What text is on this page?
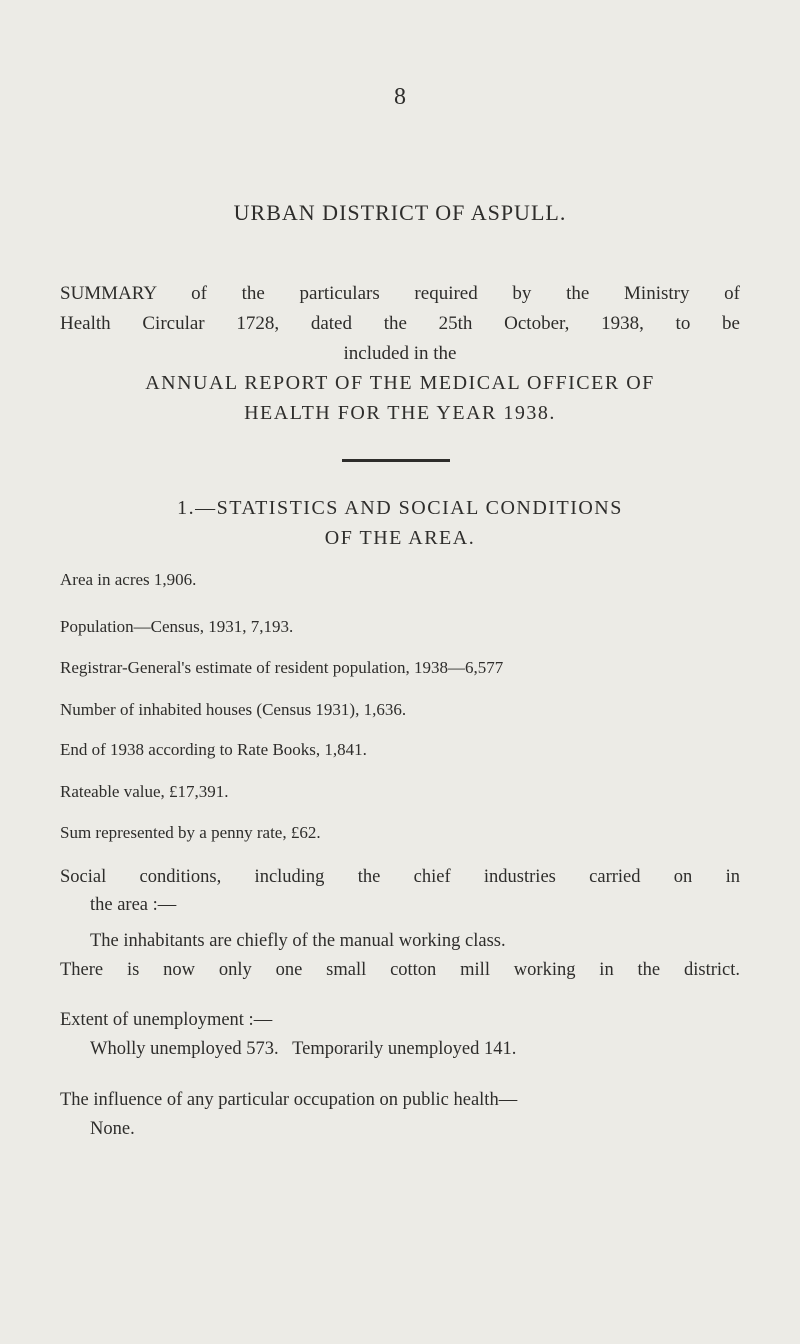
8
URBAN DISTRICT OF ASPULL.
SUMMARY of the particulars required by the Ministry of
Health Circular 1728, dated the 25th October, 1938, to be
included in the
ANNUAL REPORT OF THE MEDICAL OFFICER OF
HEALTH FOR THE YEAR 1938.
1.—STATISTICS AND SOCIAL CONDITIONS
OF THE AREA.
Area in acres 1,906.
Population—Census, 1931, 7,193.
Registrar-General's estimate of resident population, 1938—6,577
Number of inhabited houses (Census 1931), 1,636.
End of 1938 according to Rate Books, 1,841.
Rateable value, £17,391.
Sum represented by a penny rate, £62.
Social conditions, including the chief industries carried on in
the area :—
The inhabitants are chiefly of the manual working class.
There is now only one small cotton mill working in the district.
Extent of unemployment :—
Wholly unemployed 573.   Temporarily unemployed 141.
The influence of any particular occupation on public health—
None.
